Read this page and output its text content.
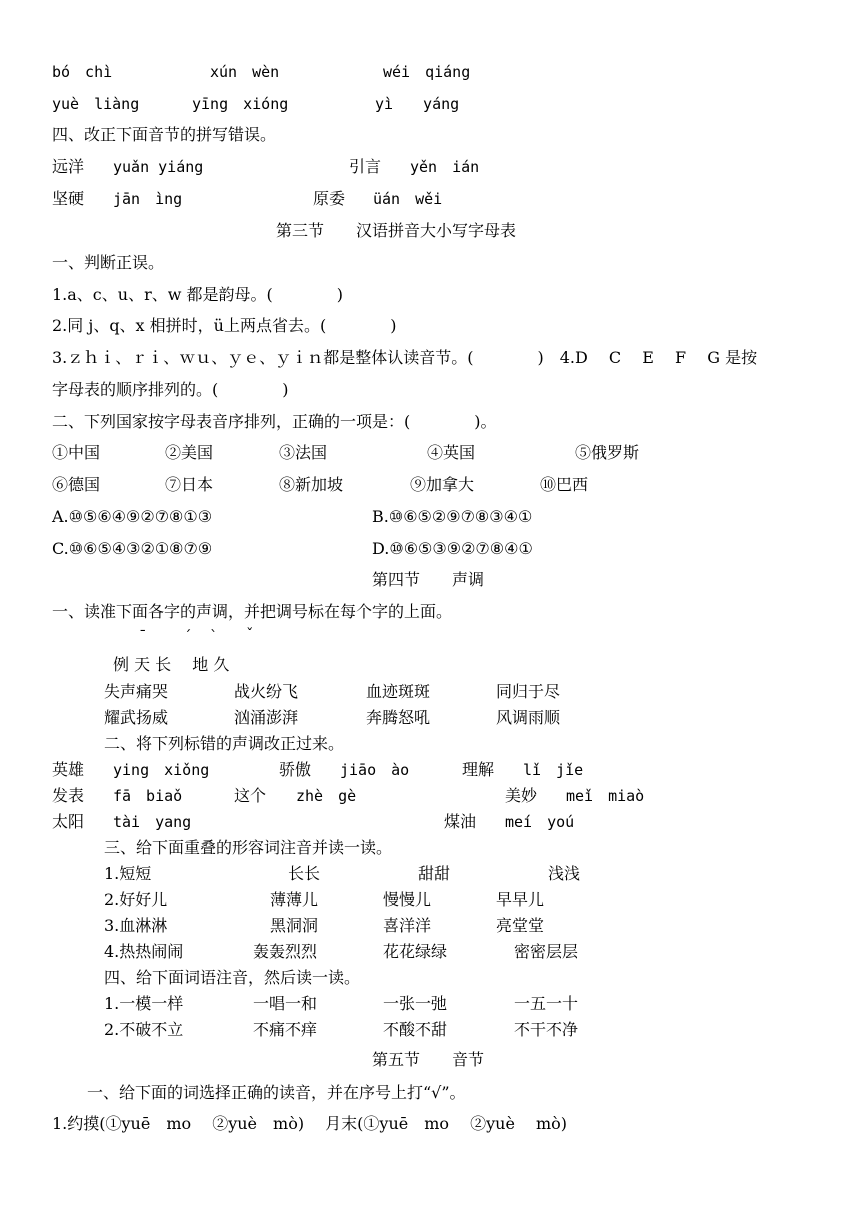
bó　chì	xún　wèn	wéi　qiáng
yuè　liàng	yīng　xióng	yì　　yáng
四、改正下面音节的拼写错误。
远洋 yuǎn yiáng	引言 yěn　ián
坚硬 jān　ìng	原委 üán　wěi
第三节　　汉语拼音大小写字母表
一、判断正误。
1.a、c、u、r、w 都是韵母。(　　　　)
2.同 j、q、x 相拼时，ü上两点省去。(　　　　)
3.ｚｈｉ、ｒｉ、ｗｕ、ｙｅ、ｙｉｎ都是整体认读音节。(　　　　)　4.D　 C　 E　 F　 G 是按
字母表的顺序排列的。(　　　　)
二、下列国家按字母表音序排列，正确的一项是：(　　　　)。
①中国	②美国	③法国	④英国	⑤俄罗斯
⑥德国	⑦日本	⑧新加坡	⑨加拿大	⑩巴西
A.⑩⑤⑥④⑨②⑦⑧①③	B.⑩⑥⑤②⑨⑦⑧③④①
C.⑩⑥⑤④③②①⑧⑦⑨	D.⑩⑥⑤③⑨②⑦⑧④①
第四节　　声调
一、读准下面各字的声调，并把调号标在每个字的上面。
ˉ	ˊ ˋ ˇ
例 天 长　 地 久
失声痛哭	战火纷飞	血迹斑斑	同归于尽
耀武扬威	汹涌澎湃	奔腾怒吼	风调雨顺
二、将下列标错的声调改正过来。
英雄 ying　xiǒng	骄傲 jiāo　ào	理解 lǐ　jǐe
发表 fā　biaǒ	这个 zhè　gè	美妙 meǐ　miaò
太阳 tài　yang	煤油 meí　yoú
三、给下面重叠的形容词注音并读一读。
1.短短	长长	甜甜	浅浅
2.好好儿	薄薄儿	慢慢儿	早早儿
3.血淋淋	黑洞洞	喜洋洋	亮堂堂
4.热热闹闹	轰轰烈烈	花花绿绿	密密层层
四、给下面词语注音，然后读一读。
1.一模一样	一唱一和	一张一弛	一五一十
2.不破不立	不痛不痒	不酸不甜	不干不净
第五节　　音节
一、给下面的词选择正确的读音，并在序号上打“√”。
1.约摸(①yuē　mo　 ②yuè　mò)　 月末(①yuē　mo　 ②yuè　 mò)
